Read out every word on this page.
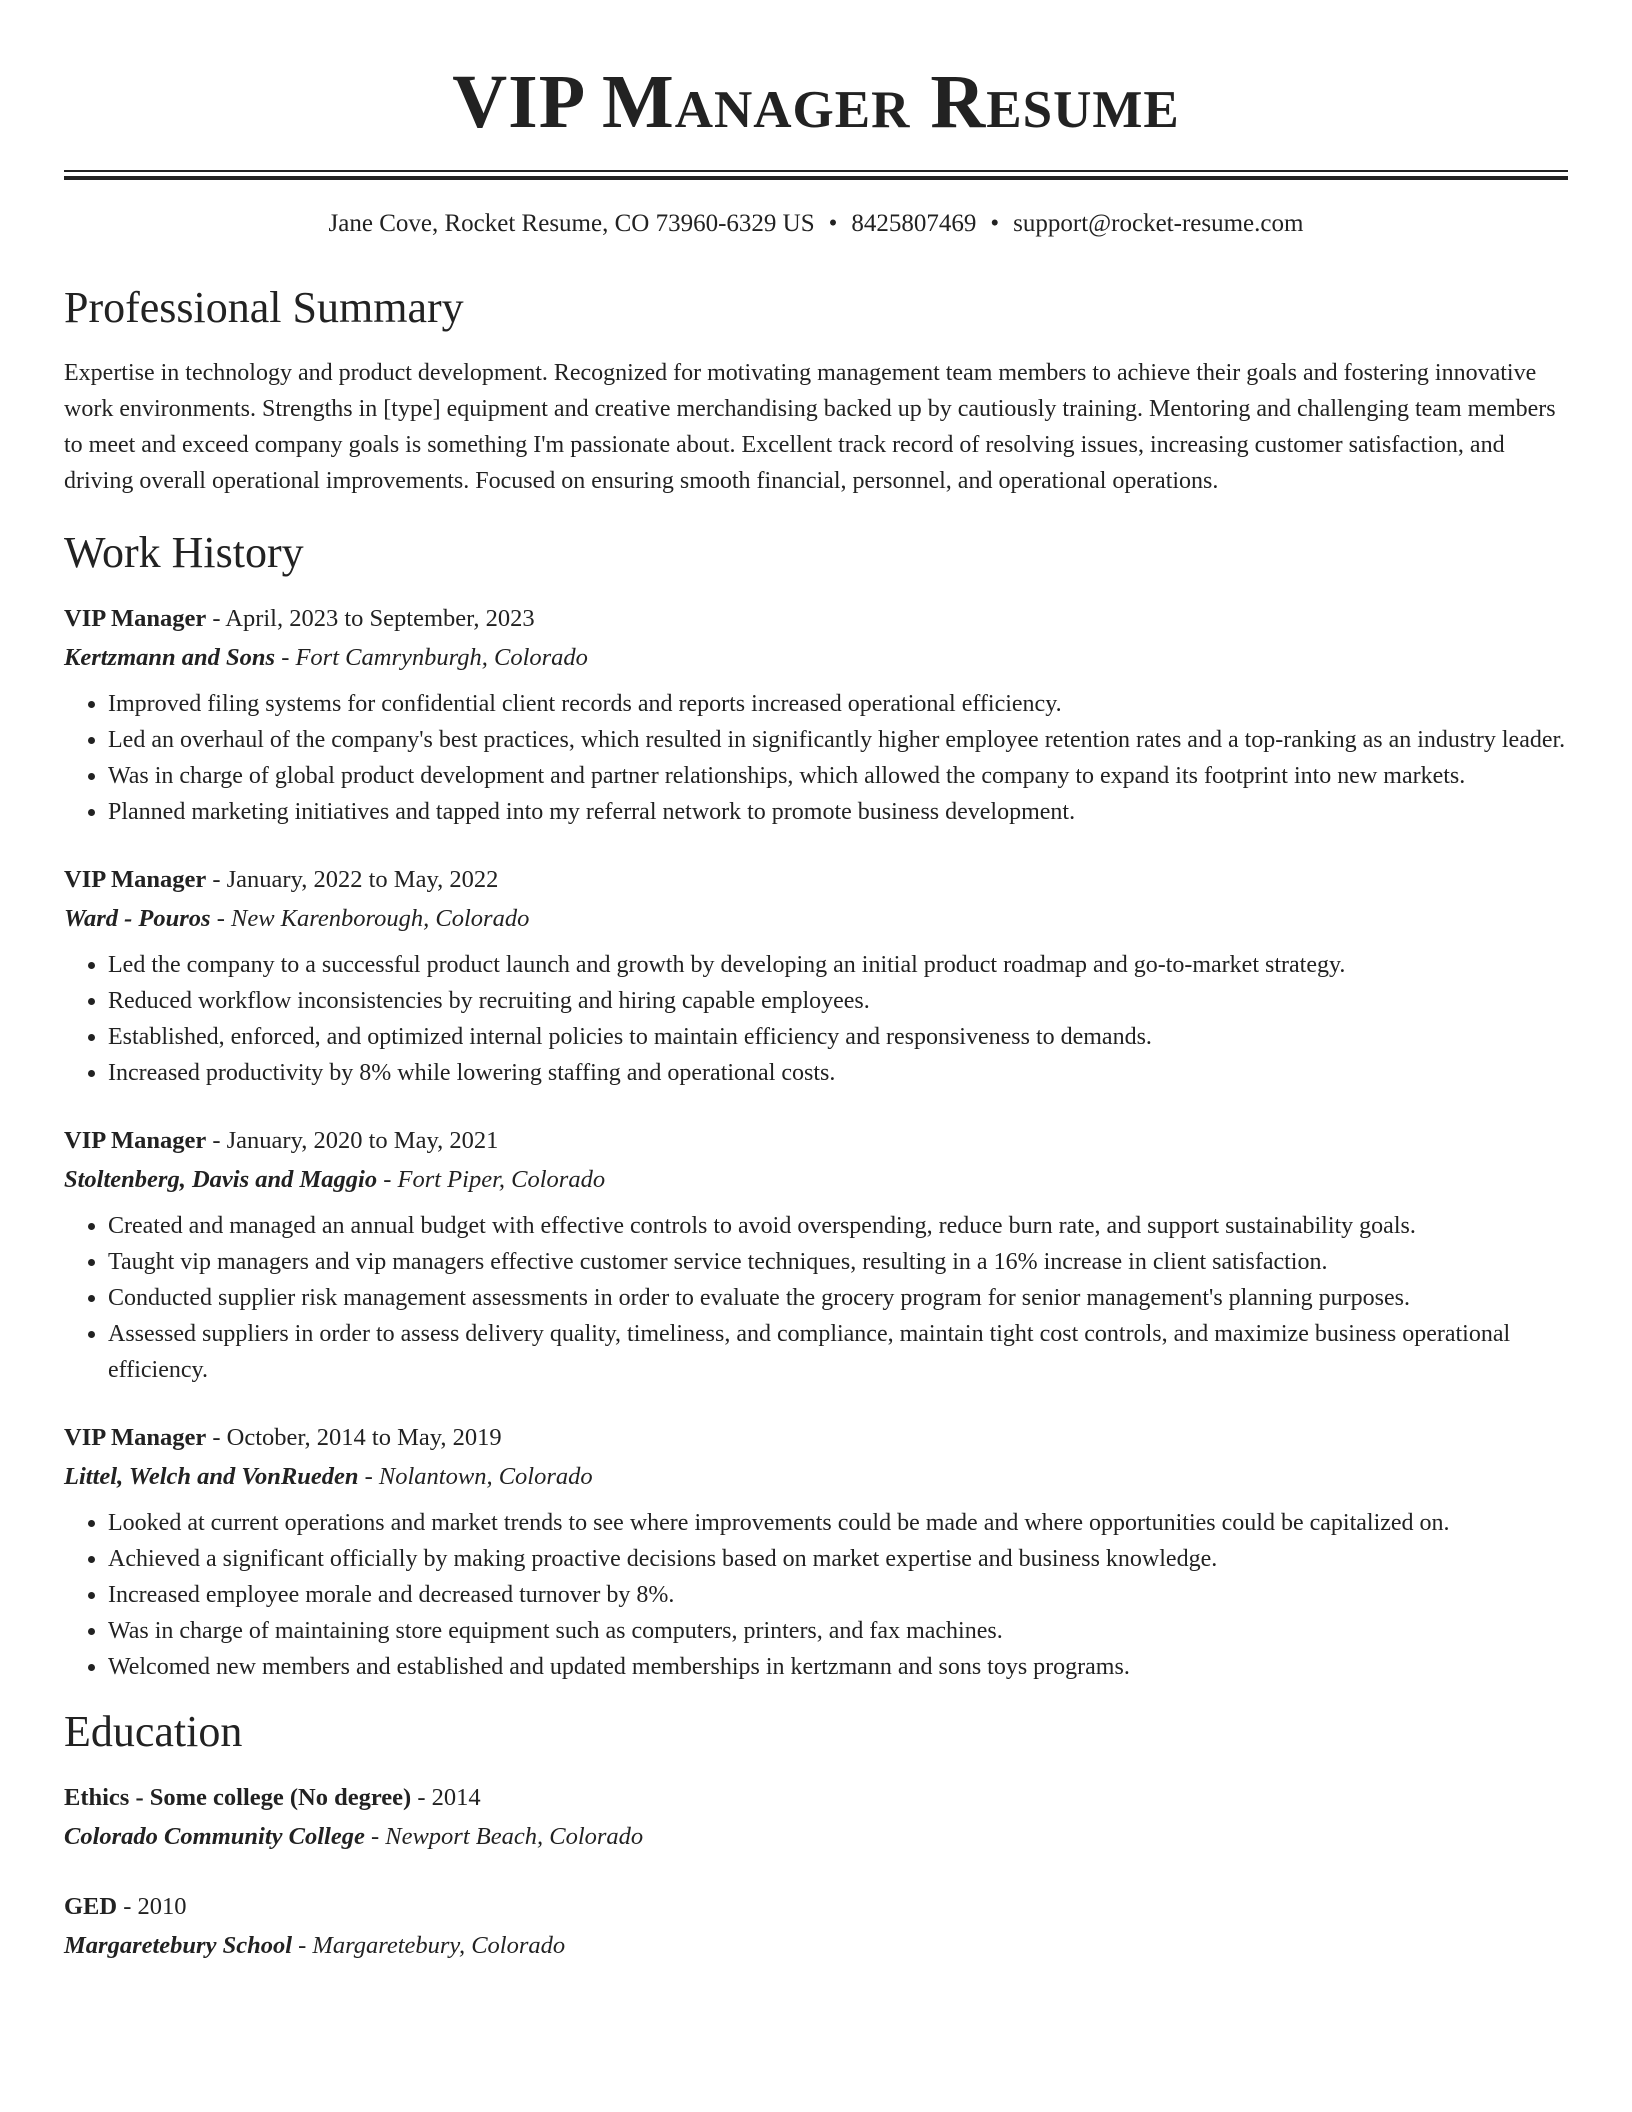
VIP Manager Resume
Jane Cove, Rocket Resume, CO 73960-6329 US • 8425807469 • support@rocket-resume.com
Professional Summary

Expertise in technology and product development. Recognized for motivating management team members to achieve their goals and fostering innovative work environments. Strengths in [type] equipment and creative merchandising backed up by cautiously training. Mentoring and challenging team members to meet and exceed company goals is something I'm passionate about. Excellent track record of resolving issues, increasing customer satisfaction, and driving overall operational improvements. Focused on ensuring smooth financial, personnel, and operational operations.

Work History
VIP Manager - April, 2023 to September, 2023
Kertzmann and Sons - Fort Camrynburgh, Colorado
• Improved filing systems for confidential client records and reports increased operational efficiency.
• Led an overhaul of the company's best practices, which resulted in significantly higher employee retention rates and a top-ranking as an industry leader.
• Was in charge of global product development and partner relationships, which allowed the company to expand its footprint into new markets.
• Planned marketing initiatives and tapped into my referral network to promote business development.
VIP Manager - January, 2022 to May, 2022
Ward - Pouros - New Karenborough, Colorado
• Led the company to a successful product launch and growth by developing an initial product roadmap and go-to-market strategy.
• Reduced workflow inconsistencies by recruiting and hiring capable employees.
• Established, enforced, and optimized internal policies to maintain efficiency and responsiveness to demands.
• Increased productivity by 8% while lowering staffing and operational costs.
VIP Manager - January, 2020 to May, 2021
Stoltenberg, Davis and Maggio - Fort Piper, Colorado
• Created and managed an annual budget with effective controls to avoid overspending, reduce burn rate, and support sustainability goals.
• Taught vip managers and vip managers effective customer service techniques, resulting in a 16% increase in client satisfaction.
• Conducted supplier risk management assessments in order to evaluate the grocery program for senior management's planning purposes.
• Assessed suppliers in order to assess delivery quality, timeliness, and compliance, maintain tight cost controls, and maximize business operational efficiency.
VIP Manager - October, 2014 to May, 2019
Littel, Welch and VonRueden - Nolantown, Colorado
• Looked at current operations and market trends to see where improvements could be made and where opportunities could be capitalized on.
• Achieved a significant officially by making proactive decisions based on market expertise and business knowledge.
• Increased employee morale and decreased turnover by 8%.
• Was in charge of maintaining store equipment such as computers, printers, and fax machines.
• Welcomed new members and established and updated memberships in kertzmann and sons toys programs.
Education
Ethics - Some college (No degree) - 2014
Colorado Community College - Newport Beach, Colorado
GED - 2010
Margaretebury School - Margaretebury, Colorado
